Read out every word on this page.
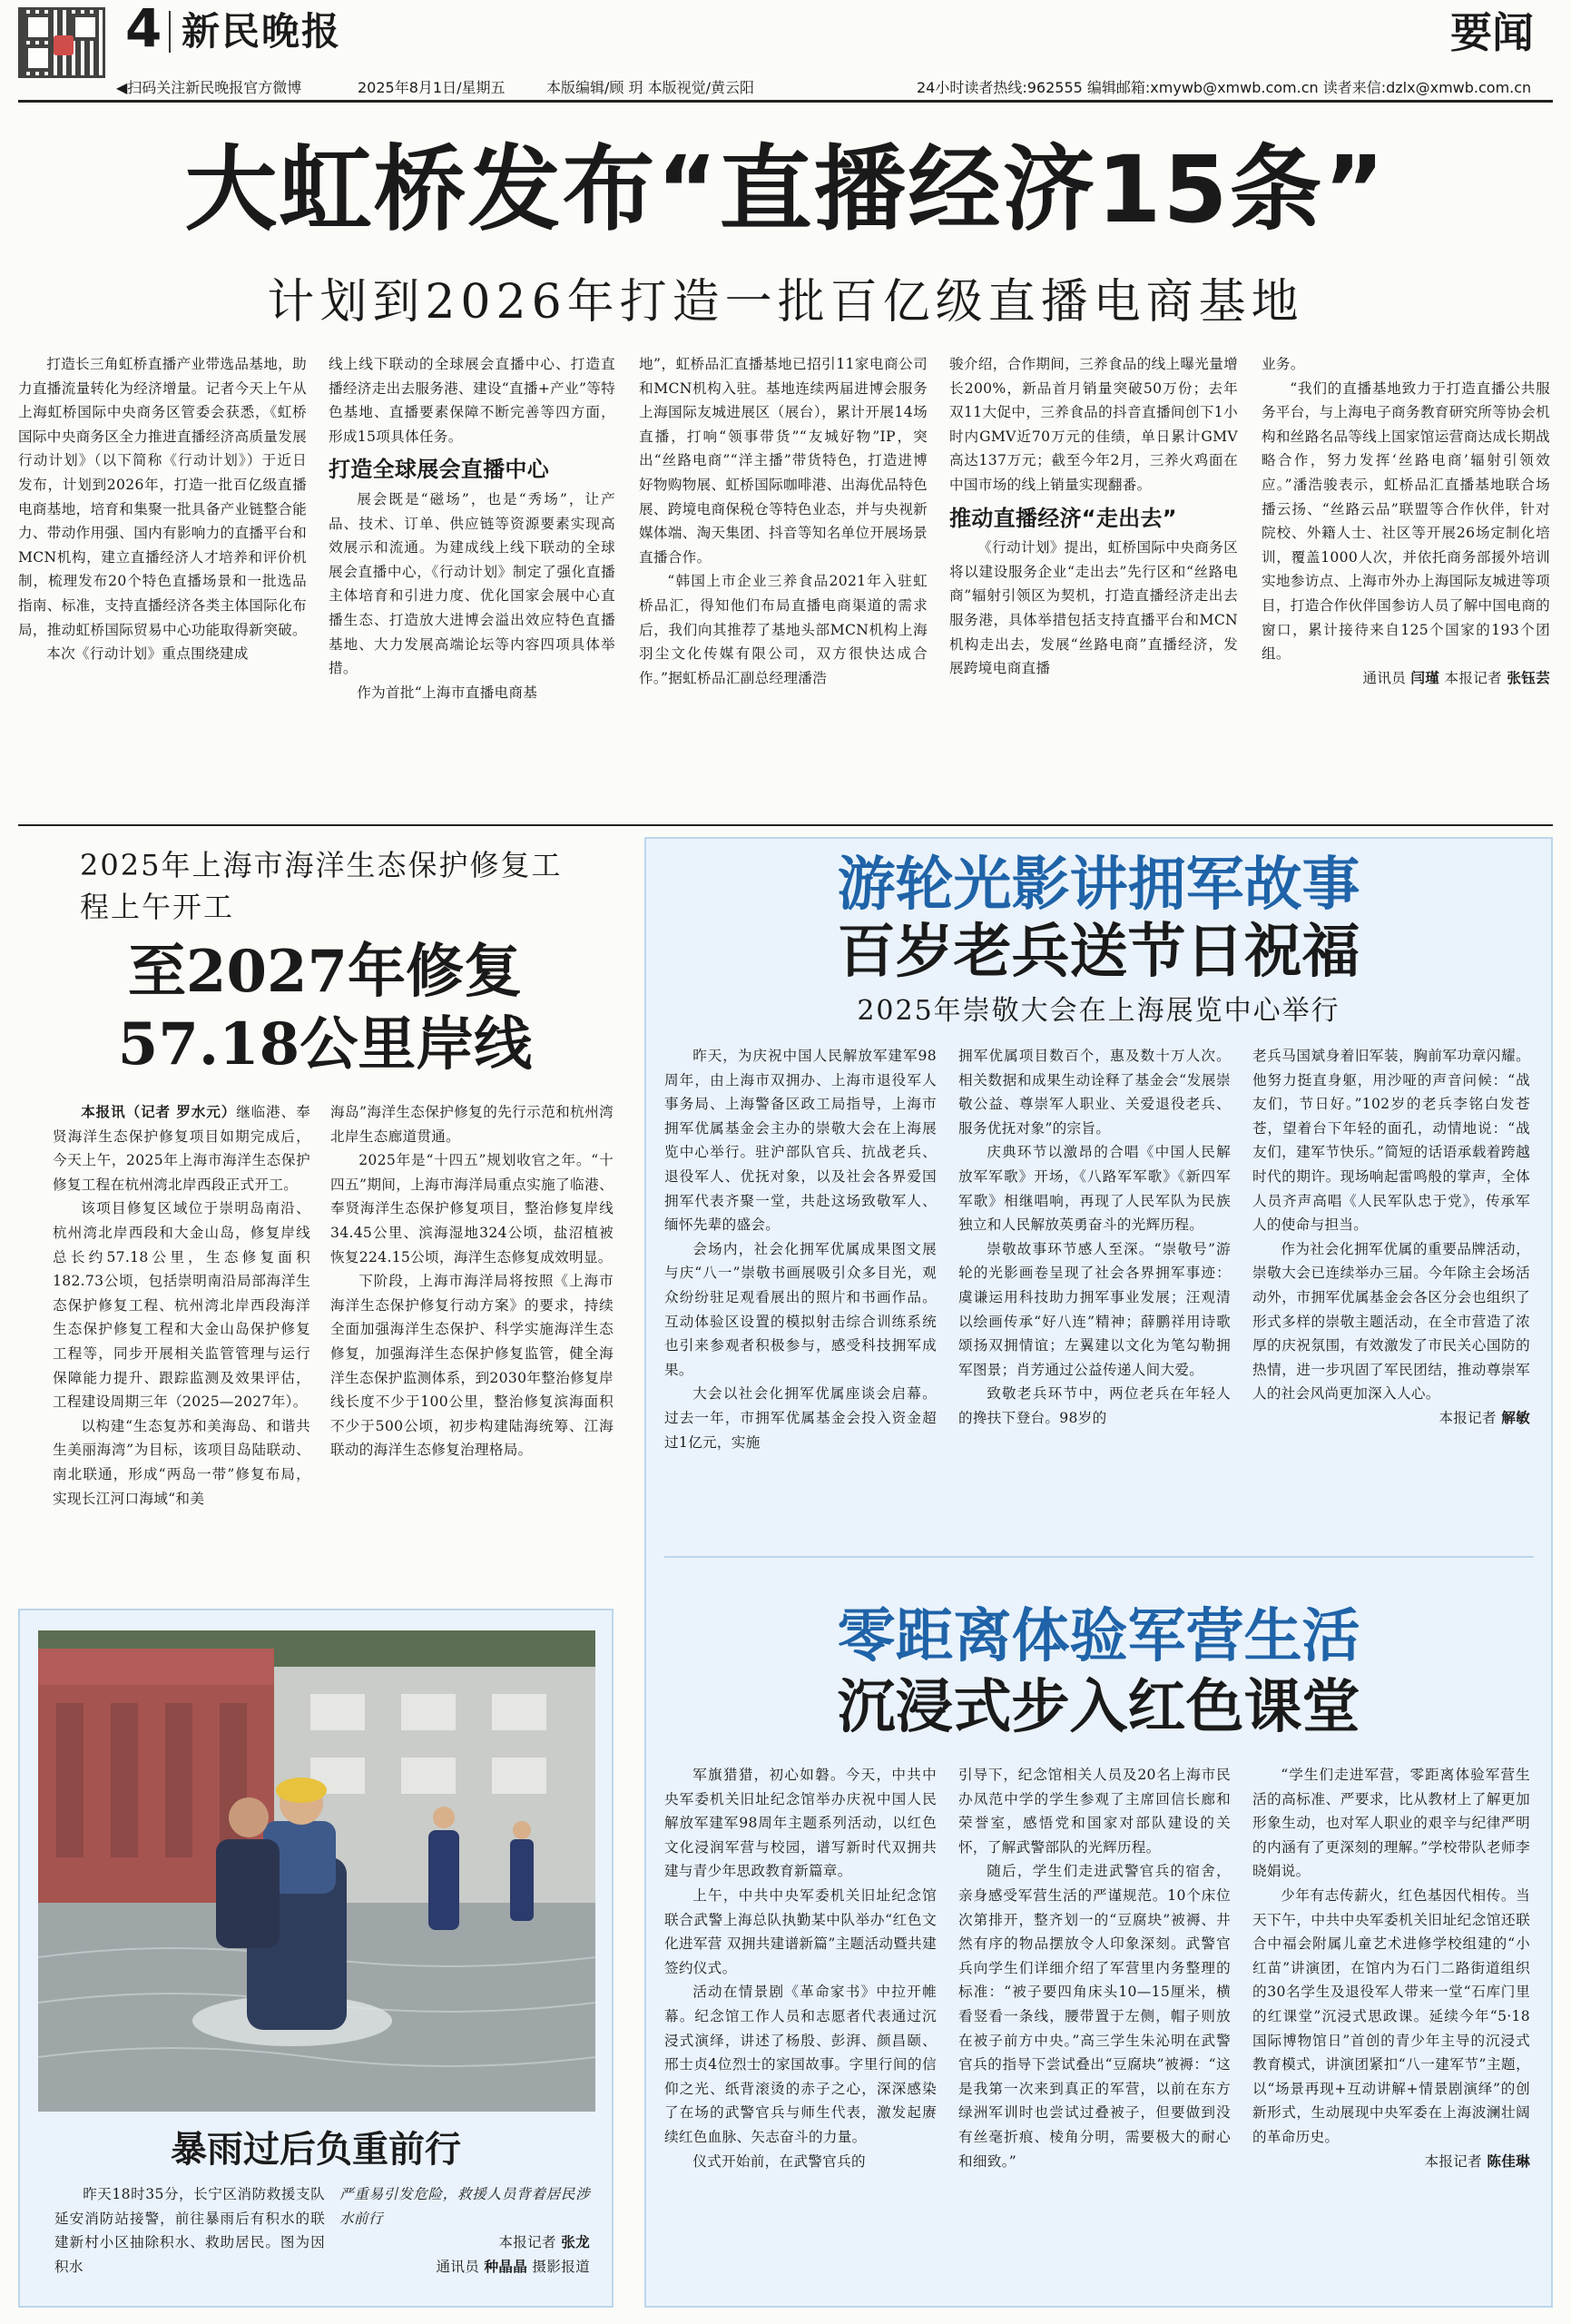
4 新民晚报	要闻
◀扫码关注新民晚报官方微博	2025年8月1日/星期五	本版编辑/顾 玥 本版视觉/黄云阳	24小时读者热线:962555 编辑邮箱:xmywb@xmwb.com.cn 读者来信:dzlx@xmwb.com.cn
大虹桥发布“直播经济15条”
计划到2026年打造一批百亿级直播电商基地

打造长三角虹桥直播产业带选品基地，助力直播流量转化为经济增量。记者今天上午从上海虹桥国际中央商务区管委会获悉，《虹桥国际中央商务区全力推进直播经济高质量发展行动计划》（以下简称《行动计划》）于近日发布，计划到2026年，打造一批百亿级直播电商基地，培育和集聚一批具备产业链整合能力、带动作用强、国内有影响力的直播平台和MCN机构，建立直播经济人才培养和评价机制，梳理发布20个特色直播场景和一批选品指南、标准，支持直播经济各类主体国际化布局，推动虹桥国际贸易中心功能取得新突破。

本次《行动计划》重点围绕建成

线上线下联动的全球展会直播中心、打造直播经济走出去服务港、建设“直播+产业”等特色基地、直播要素保障不断完善等四方面，形成15项具体任务。

打造全球展会直播中心

展会既是“磁场”，也是“秀场”，让产品、技术、订单、供应链等资源要素实现高效展示和流通。为建成线上线下联动的全球展会直播中心，《行动计划》制定了强化直播主体培育和引进力度、优化国家会展中心直播生态、打造放大进博会溢出效应特色直播基地、大力发展高端论坛等内容四项具体举措。

作为首批“上海市直播电商基

地”，虹桥品汇直播基地已招引11家电商公司和MCN机构入驻。基地连续两届进博会服务上海国际友城进展区（展台），累计开展14场直播，打响“领事带货”“友城好物”IP，突出“丝路电商”“洋主播”带货特色，打造进博好物购物展、虹桥国际咖啡港、出海优品特色展、跨境电商保税仓等特色业态，并与央视新媒体端、淘天集团、抖音等知名单位开展场景直播合作。

“韩国上市企业三养食品2021年入驻虹桥品汇，得知他们布局直播电商渠道的需求后，我们向其推荐了基地头部MCN机构上海羽尘文化传媒有限公司，双方很快达成合作。”据虹桥品汇副总经理潘浩

骏介绍，合作期间，三养食品的线上曝光量增长200%，新品首月销量突破50万份；去年双11大促中，三养食品的抖音直播间创下1小时内GMV近70万元的佳绩，单日累计GMV高达137万元；截至今年2月，三养火鸡面在中国市场的线上销量实现翻番。

推动直播经济“走出去”

《行动计划》提出，虹桥国际中央商务区将以建设服务企业“走出去”先行区和“丝路电商”辐射引领区为契机，打造直播经济走出去服务港，具体举措包括支持直播平台和MCN机构走出去，发展“丝路电商”直播经济，发展跨境电商直播

业务。

“我们的直播基地致力于打造直播公共服务平台，与上海电子商务教育研究所等协会机构和丝路名品等线上国家馆运营商达成长期战略合作，努力发挥‘丝路电商’辐射引领效应。”潘浩骏表示，虹桥品汇直播基地联合场播云扬、“丝路云品”联盟等合作伙伴，针对院校、外籍人士、社区等开展26场定制化培训，覆盖1000人次，并依托商务部援外培训实地参访点、上海市外办上海国际友城进等项目，打造合作伙伴国参访人员了解中国电商的窗口，累计接待来自125个国家的193个团组。

通讯员 闫瑾 本报记者 张钰芸
2025年上海市海洋生态保护修复工程上午开工
至2027年修复
57.18公里岸线

本报讯（记者 罗水元）继临港、奉贤海洋生态保护修复项目如期完成后，今天上午，2025年上海市海洋生态保护修复工程在杭州湾北岸西段正式开工。

该项目修复区域位于崇明岛南沿、杭州湾北岸西段和大金山岛，修复岸线总长约57.18公里，生态修复面积182.73公顷，包括崇明南沿局部海洋生态保护修复工程、杭州湾北岸西段海洋生态保护修复工程和大金山岛保护修复工程等，同步开展相关监管管理与运行保障能力提升、跟踪监测及效果评估，工程建设周期三年（2025—2027年）。

以构建“生态复苏和美海岛、和谐共生美丽海湾”为目标，该项目岛陆联动、南北联通，形成“两岛一带”修复布局，实现长江河口海域“和美

海岛”海洋生态保护修复的先行示范和杭州湾北岸生态廊道贯通。

2025年是“十四五”规划收官之年。“十四五”期间，上海市海洋局重点实施了临港、奉贤海洋生态保护修复项目，整治修复岸线34.45公里、滨海湿地324公顷，盐沼植被恢复224.15公顷，海洋生态修复成效明显。

下阶段，上海市海洋局将按照《上海市海洋生态保护修复行动方案》的要求，持续全面加强海洋生态保护、科学实施海洋生态修复，加强海洋生态保护修复监管，健全海洋生态保护监测体系，到2030年整治修复岸线长度不少于100公里，整治修复滨海面积不少于500公顷，初步构建陆海统筹、江海联动的海洋生态修复治理格局。

暴雨过后负重前行

昨天18时35分，长宁区消防救援支队延安消防站接警，前往暴雨后有积水的联建新村小区抽除积水、救助居民。图为因积水

严重易引发危险，救援人员背着居民涉水前行

本报记者 张龙
通讯员 种晶晶 摄影报道
游轮光影讲拥军故事
百岁老兵送节日祝福
2025年崇敬大会在上海展览中心举行

昨天，为庆祝中国人民解放军建军98周年，由上海市双拥办、上海市退役军人事务局、上海警备区政工局指导，上海市拥军优属基金会主办的崇敬大会在上海展览中心举行。驻沪部队官兵、抗战老兵、退役军人、优抚对象，以及社会各界爱国拥军代表齐聚一堂，共赴这场致敬军人、缅怀先辈的盛会。

会场内，社会化拥军优属成果图文展与庆“八一”崇敬书画展吸引众多目光，观众纷纷驻足观看展出的照片和书画作品。互动体验区设置的模拟射击综合训练系统也引来参观者积极参与，感受科技拥军成果。

大会以社会化拥军优属座谈会启幕。过去一年，市拥军优属基金会投入资金超过1亿元，实施

拥军优属项目数百个，惠及数十万人次。相关数据和成果生动诠释了基金会“发展崇敬公益、尊崇军人职业、关爱退役老兵、服务优抚对象”的宗旨。

庆典环节以激昂的合唱《中国人民解放军军歌》开场，《八路军军歌》《新四军军歌》相继唱响，再现了人民军队为民族独立和人民解放英勇奋斗的光辉历程。

崇敬故事环节感人至深。“崇敬号”游轮的光影画卷呈现了社会各界拥军事迹：虞谦运用科技助力拥军事业发展；汪观清以绘画传承“好八连”精神；薛鹏祥用诗歌颂扬双拥情谊；左翼建以文化为笔勾勒拥军图景；肖芳通过公益传递人间大爱。

致敬老兵环节中，两位老兵在年轻人的搀扶下登台。98岁的

老兵马国斌身着旧军装，胸前军功章闪耀。他努力挺直身躯，用沙哑的声音问候：“战友们，节日好。”102岁的老兵李铭白发苍苍，望着台下年轻的面孔，动情地说：“战友们，建军节快乐。”简短的话语承载着跨越时代的期许。现场响起雷鸣般的掌声，全体人员齐声高唱《人民军队忠于党》，传承军人的使命与担当。

作为社会化拥军优属的重要品牌活动，崇敬大会已连续举办三届。今年除主会场活动外，市拥军优属基金会各区分会也组织了形式多样的崇敬主题活动，在全市营造了浓厚的庆祝氛围，有效激发了市民关心国防的热情，进一步巩固了军民团结，推动尊崇军人的社会风尚更加深入人心。

本报记者 解敏
零距离体验军营生活
沉浸式步入红色课堂

军旗猎猎，初心如磐。今天，中共中央军委机关旧址纪念馆举办庆祝中国人民解放军建军98周年主题系列活动，以红色文化浸润军营与校园，谱写新时代双拥共建与青少年思政教育新篇章。

上午，中共中央军委机关旧址纪念馆联合武警上海总队执勤某中队举办“红色文化进军营 双拥共建谱新篇”主题活动暨共建签约仪式。

活动在情景剧《革命家书》中拉开帷幕。纪念馆工作人员和志愿者代表通过沉浸式演绎，讲述了杨殷、彭湃、颜昌颐、邢士贞4位烈士的家国故事。字里行间的信仰之光、纸背滚烫的赤子之心，深深感染了在场的武警官兵与师生代表，激发起赓续红色血脉、矢志奋斗的力量。

仪式开始前，在武警官兵的

引导下，纪念馆相关人员及20名上海市民办凤范中学的学生参观了主席回信长廊和荣誉室，感悟党和国家对部队建设的关怀，了解武警部队的光辉历程。

随后，学生们走进武警官兵的宿舍，亲身感受军营生活的严谨规范。10个床位次第排开，整齐划一的“豆腐块”被褥、井然有序的物品摆放令人印象深刻。武警官兵向学生们详细介绍了军营里内务整理的标准：“被子要四角床头10—15厘米，横看竖看一条线，腰带置于左侧，帽子则放在被子前方中央。”高三学生朱沁明在武警官兵的指导下尝试叠出“豆腐块”被褥：“这是我第一次来到真正的军营，以前在东方绿洲军训时也尝试过叠被子，但要做到没有丝毫折痕、棱角分明，需要极大的耐心和细致。”

“学生们走进军营，零距离体验军营生活的高标准、严要求，比从教材上了解更加形象生动，也对军人职业的艰辛与纪律严明的内涵有了更深刻的理解。”学校带队老师李晓娟说。

少年有志传薪火，红色基因代相传。当天下午，中共中央军委机关旧址纪念馆还联合中福会附属儿童艺术进修学校组建的“小红苗”讲演团，在馆内为石门二路街道组织的30名学生及退役军人带来一堂“石库门里的红课堂”沉浸式思政课。延续今年“5·18国际博物馆日”首创的青少年主导的沉浸式教育模式，讲演团紧扣“八一建军节”主题，以“场景再现+互动讲解+情景剧演绎”的创新形式，生动展现中央军委在上海波澜壮阔的革命历史。

本报记者 陈佳琳
